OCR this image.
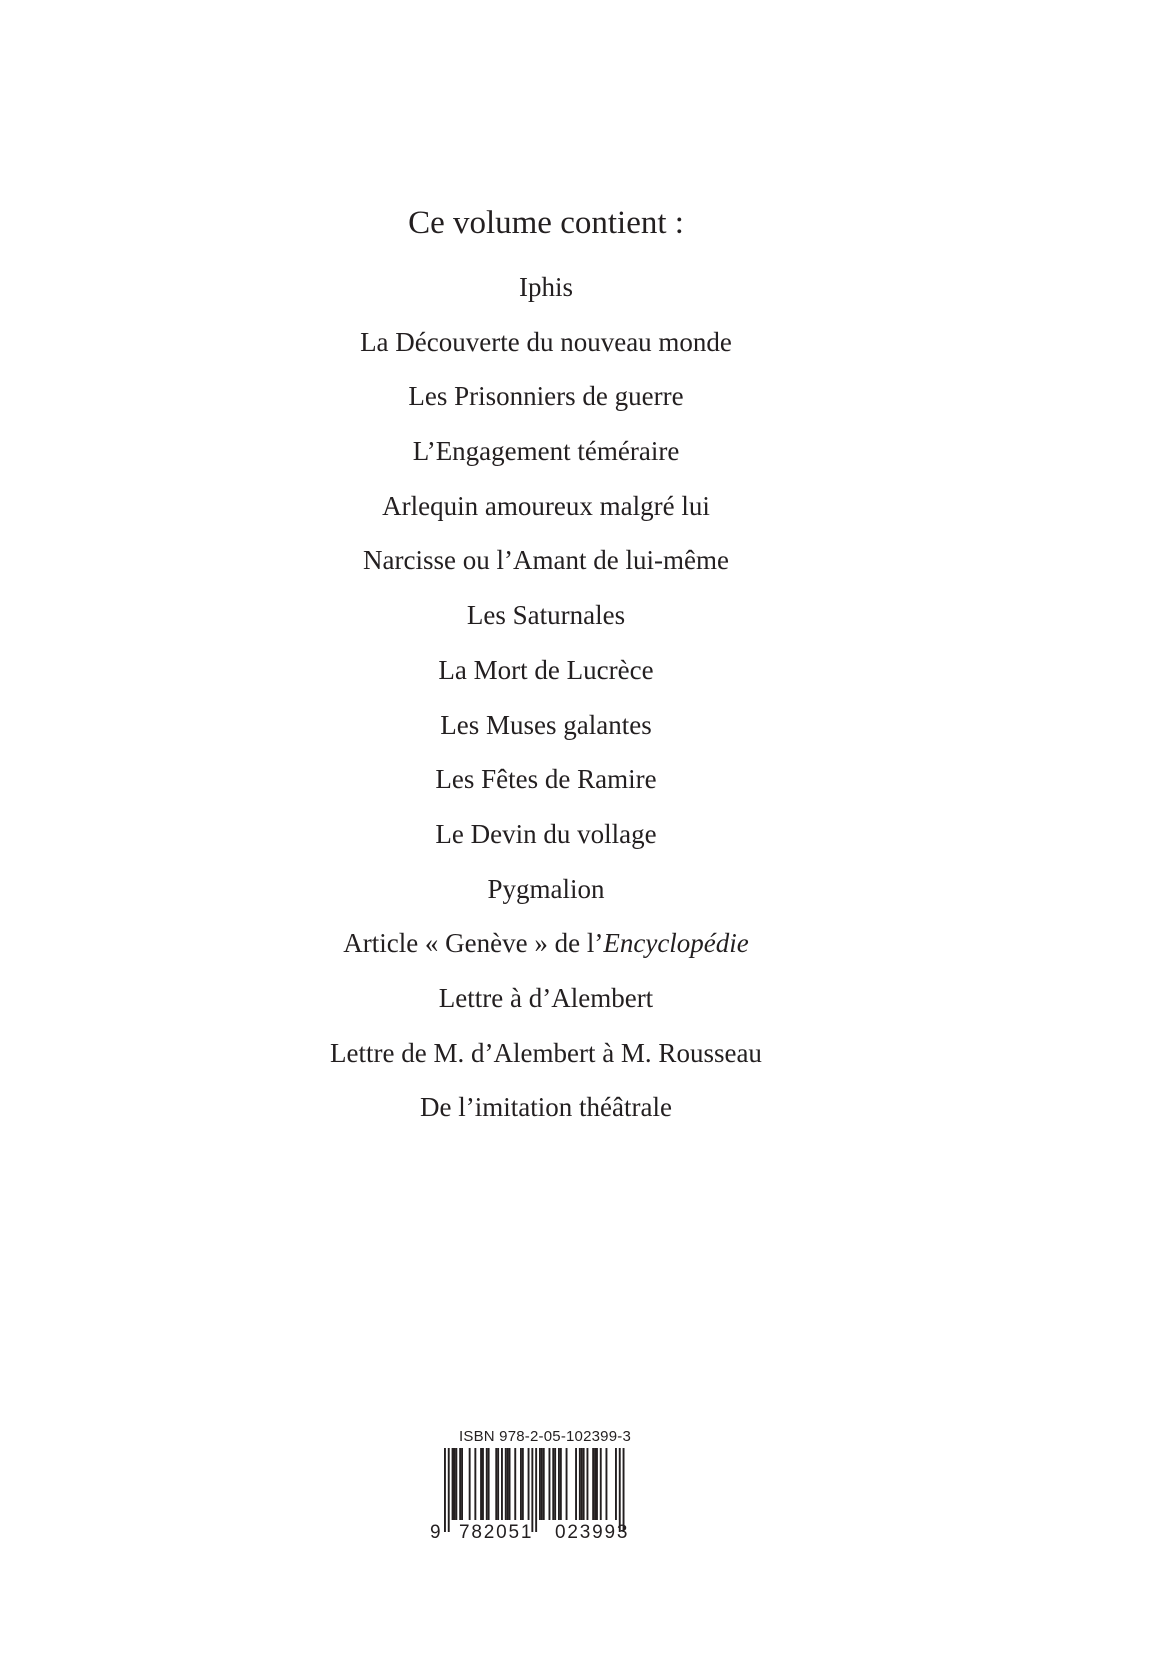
Ce volume contient :
Iphis
La Découverte du nouveau monde
Les Prisonniers de guerre
L’Engagement téméraire
Arlequin amoureux malgré lui
Narcisse ou l’Amant de lui-même
Les Saturnales
La Mort de Lucrèce
Les Muses galantes
Les Fêtes de Ramire
Le Devin du vollage
Pygmalion
Article « Genève » de l’Encyclopédie
Lettre à d’Alembert
Lettre de M. d’Alembert à M. Rousseau
De l’imitation théâtrale
ISBN 978-2-05-102399-3
9 782051	023993
